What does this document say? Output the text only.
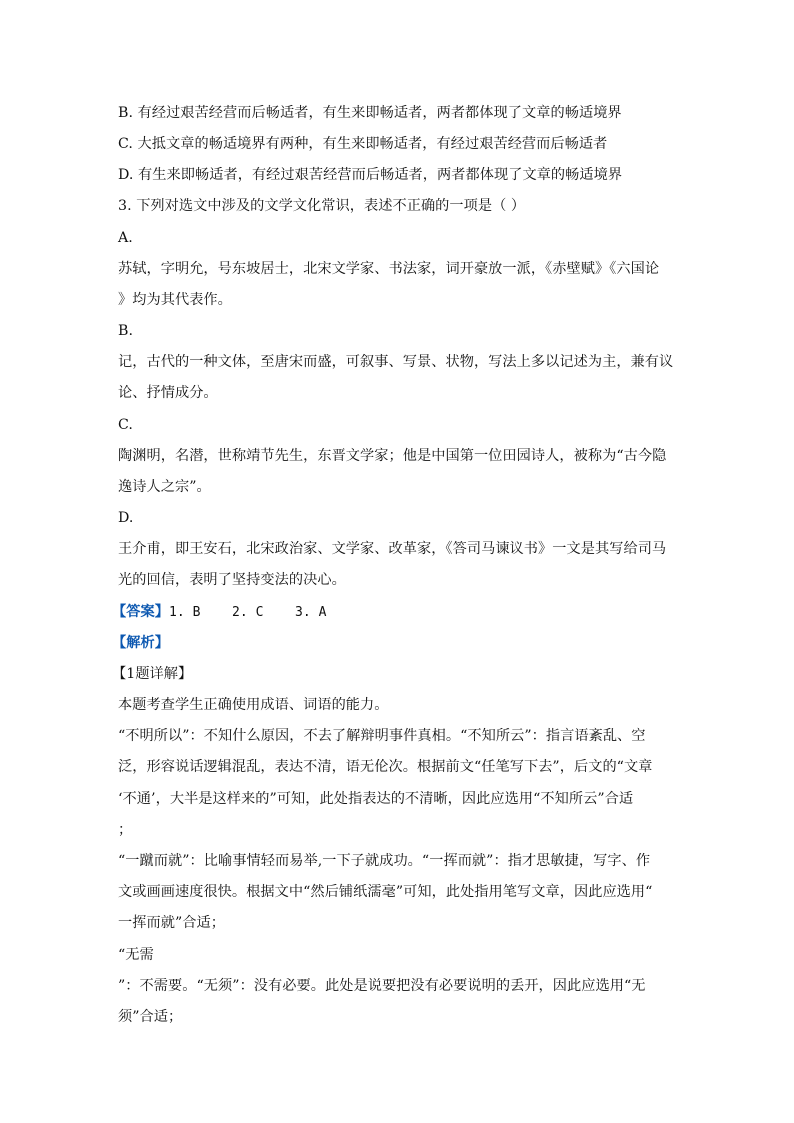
B. 有经过艰苦经营而后畅适者，有生来即畅适者，两者都体现了文章的畅适境界
C. 大抵文章的畅适境界有两种，有生来即畅适者，有经过艰苦经营而后畅适者
D. 有生来即畅适者，有经过艰苦经营而后畅适者，两者都体现了文章的畅适境界
3. 下列对选文中涉及的文学文化常识，表述不正确的一项是（ ）
A.
苏轼，字明允，号东坡居士，北宋文学家、书法家，词开豪放一派，《赤壁赋》《六国论
》均为其代表作。
B.
记，古代的一种文体，至唐宋而盛，可叙事、写景、状物，写法上多以记述为主，兼有议
论、抒情成分。
C.
陶渊明，名潜，世称靖节先生，东晋文学家；他是中国第一位田园诗人，被称为“古今隐
逸诗人之宗”。
D.
王介甫，即王安石，北宋政治家、文学家、改革家，《答司马谏议书》一文是其写给司马
光的回信，表明了坚持变法的决心。
【答案】1. B    2. C    3. A
【解析】
【1题详解】
本题考查学生正确使用成语、词语的能力。
“不明所以”：不知什么原因，不去了解辩明事件真相。“不知所云”：指言语紊乱、空
泛，形容说话逻辑混乱，表达不清，语无伦次。根据前文“任笔写下去”，后文的“文章
‘不通’，大半是这样来的”可知，此处指表达的不清晰，因此应选用“不知所云”合适
；
“一蹴而就”：比喻事情轻而易举,一下子就成功。“一挥而就”：指才思敏捷，写字、作
文或画画速度很快。根据文中“然后铺纸濡毫”可知，此处指用笔写文章，因此应选用“
一挥而就”合适；
“无需
”：不需要。“无须”：没有必要。此处是说要把没有必要说明的丢开，因此应选用“无
须”合适；
